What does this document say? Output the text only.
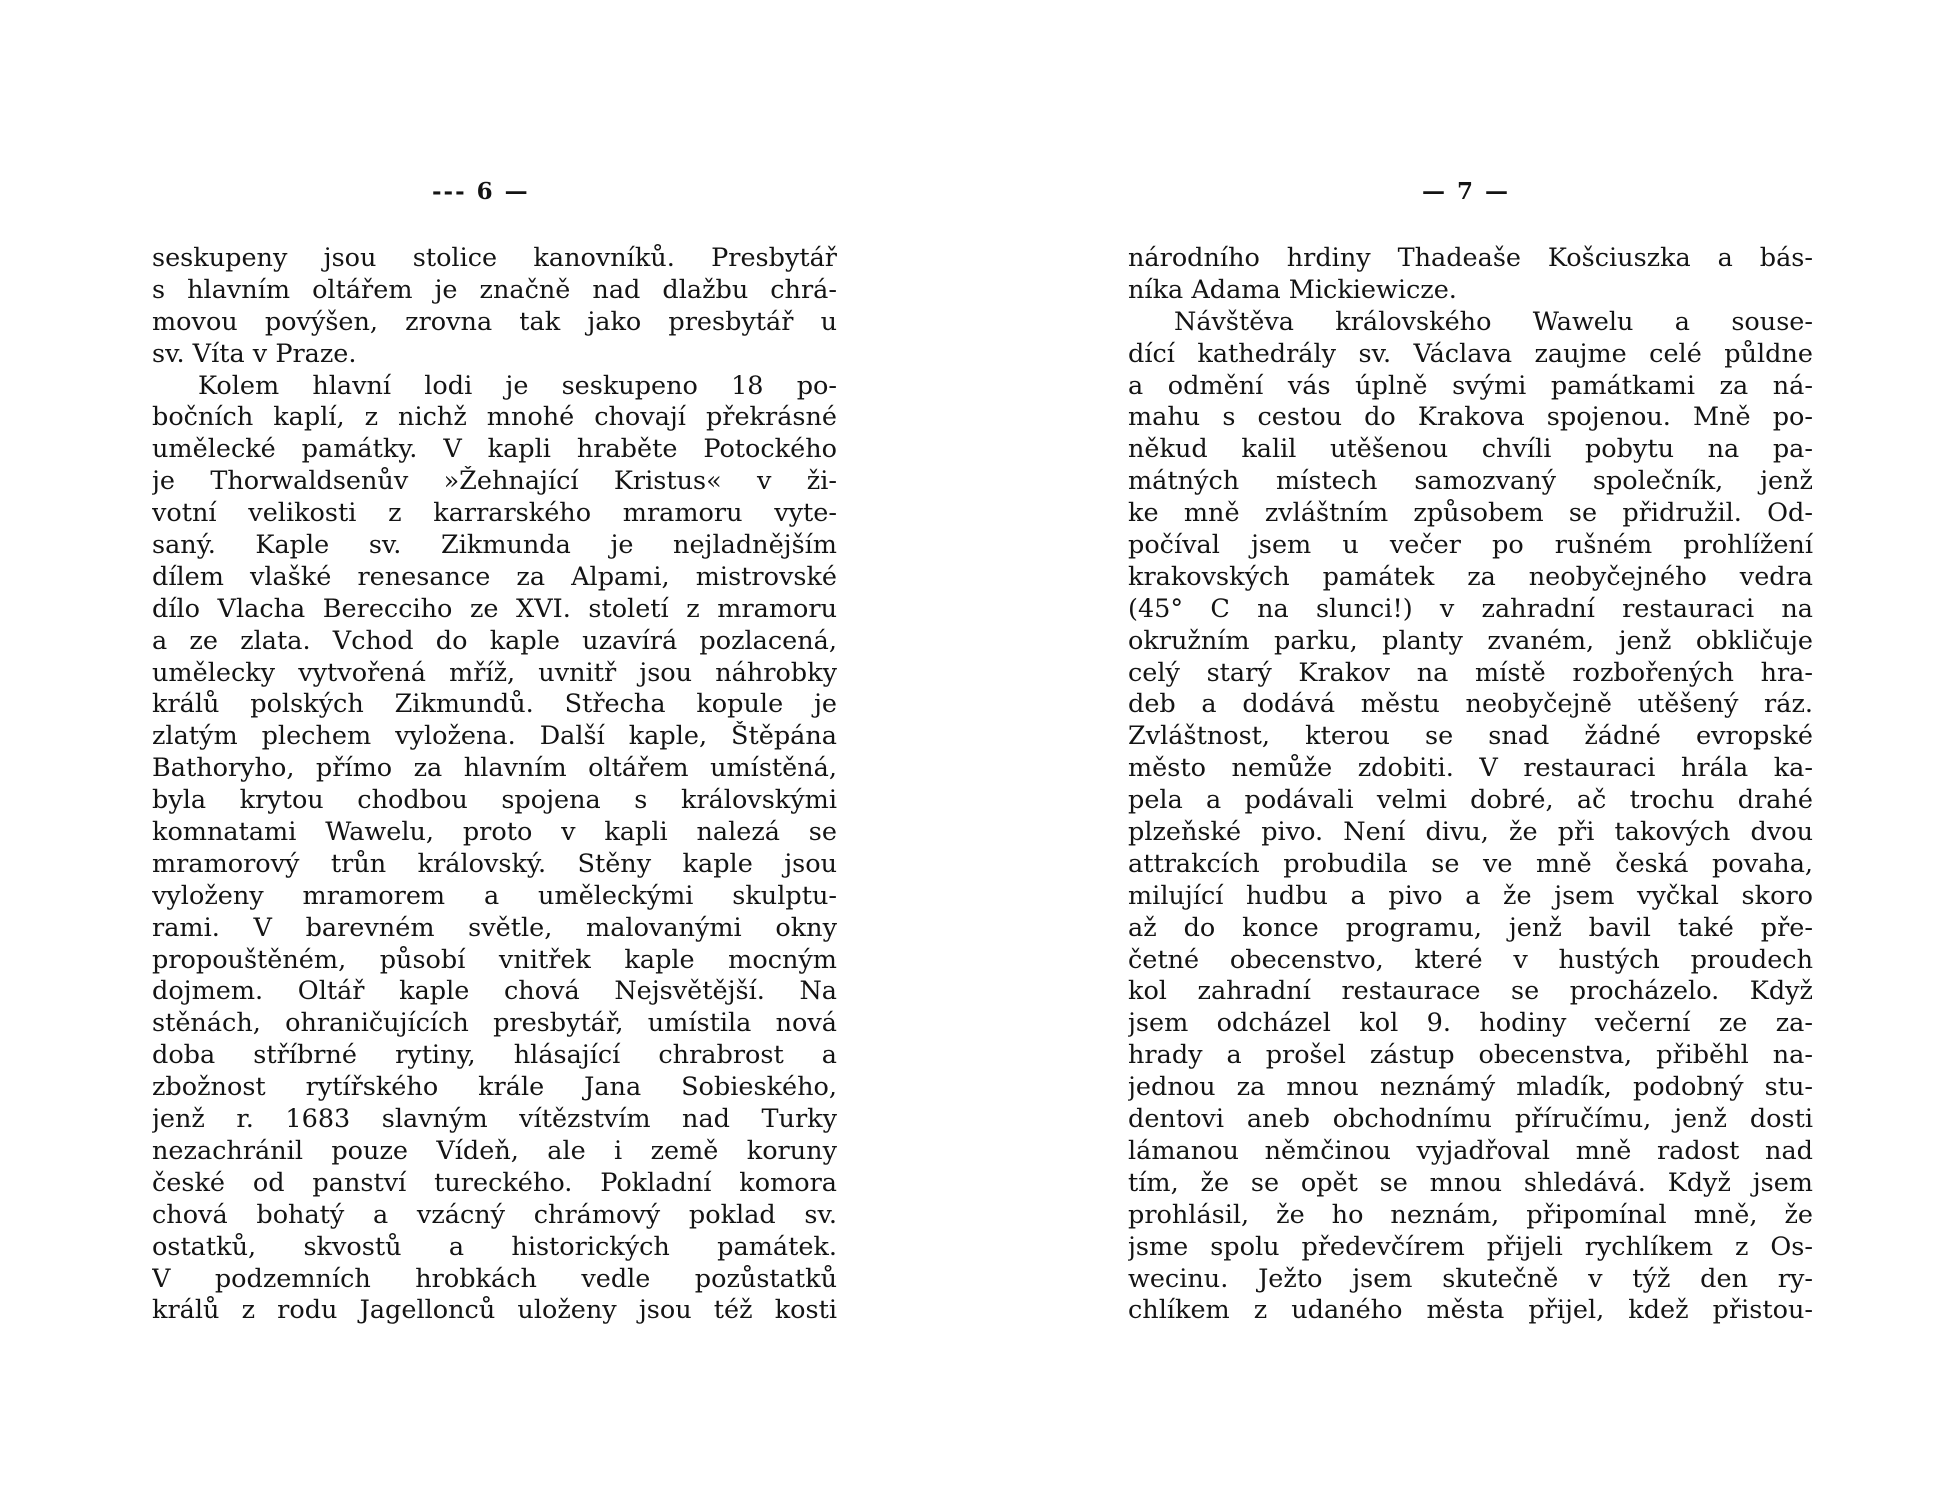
--- 6 —
seskupeny jsou stolice kanovníků. Presbytář
s hlavním oltářem je značně nad dlažbu chrá-
movou povýšen, zrovna tak jako presbytář u
sv. Víta v Praze.
Kolem hlavní lodi je seskupeno 18 po-
bočních kaplí, z nichž mnohé chovají překrásné
umělecké památky. V kapli hraběte Potockého
je Thorwaldsenův »Žehnající Kristus« v ži-
votní velikosti z karrarského mramoru vyte-
saný. Kaple sv. Zikmunda je nejladnějším
dílem vlašké renesance za Alpami, mistrovské
dílo Vlacha Berecciho ze XVI. století z mramoru
a ze zlata. Vchod do kaple uzavírá pozlacená,
umělecky vytvořená mříž, uvnitř jsou náhrobky
králů polských Zikmundů. Střecha kopule je
zlatým plechem vyložena. Další kaple, Štěpána
Bathoryho, přímo za hlavním oltářem umístěná,
byla krytou chodbou spojena s královskými
komnatami Wawelu, proto v kapli nalezá se
mramorový trůn královský. Stěny kaple jsou
vyloženy mramorem a uměleckými skulptu-
rami. V barevném světle, malovanými okny
propouštěném, působí vnitřek kaple mocným
dojmem. Oltář kaple chová Nejsvětější. Na
stěnách, ohraničujících presbytář, umístila nová
doba stříbrné rytiny, hlásající chrabrost a
zbožnost rytířského krále Jana Sobieského,
jenž r. 1683 slavným vítězstvím nad Turky
nezachránil pouze Vídeň, ale i země koruny
české od panství tureckého. Pokladní komora
chová bohatý a vzácný chrámový poklad sv.
ostatků, skvostů a historických památek.
V podzemních hrobkách vedle pozůstatků
králů z rodu Jagellonců uloženy jsou též kosti
— 7 —
národního hrdiny Thadeaše Košciuszka a bás-
níka Adama Mickiewicze.
Návštěva královského Wawelu a souse-
dící kathedrály sv. Václava zaujme celé půldne
a odmění vás úplně svými památkami za ná-
mahu s cestou do Krakova spojenou. Mně po-
někud kalil utěšenou chvíli pobytu na pa-
mátných místech samozvaný společník, jenž
ke mně zvláštním způsobem se přidružil. Od-
počíval jsem u večer po rušném prohlížení
krakovských památek za neobyčejného vedra
(45° C na slunci!) v zahradní restauraci na
okružním parku, planty zvaném, jenž obkličuje
celý starý Krakov na místě rozbořených hra-
deb a dodává městu neobyčejně utěšený ráz.
Zvláštnost, kterou se snad žádné evropské
město nemůže zdobiti. V restauraci hrála ka-
pela a podávali velmi dobré, ač trochu drahé
plzeňské pivo. Není divu, že při takových dvou
attrakcích probudila se ve mně česká povaha,
milující hudbu a pivo a že jsem vyčkal skoro
až do konce programu, jenž bavil také pře-
četné obecenstvo, které v hustých proudech
kol zahradní restaurace se procházelo. Když
jsem odcházel kol 9. hodiny večerní ze za-
hrady a prošel zástup obecenstva, přiběhl na-
jednou za mnou neznámý mladík, podobný stu-
dentovi aneb obchodnímu příručímu, jenž dosti
lámanou němčinou vyjadřoval mně radost nad
tím, že se opět se mnou shledává. Když jsem
prohlásil, že ho neznám, připomínal mně, že
jsme spolu předevčírem přijeli rychlíkem z Os-
wecinu. Ježto jsem skutečně v týž den ry-
chlíkem z udaného města přijel, kdež přistou-
